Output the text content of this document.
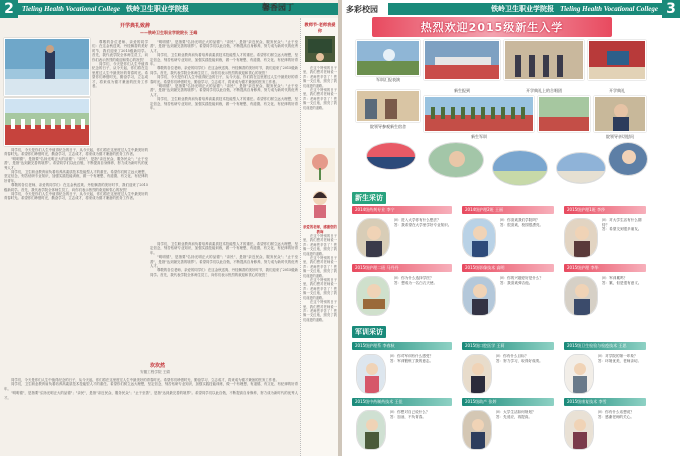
2	Tieling Health Vocational College 铁岭卫生职业学院报	馨香园丁
开学典礼致辞
——铁岭卫生职业学院院长 王峰

尊敬的各位老师、亲爱的同学们：在这金秋送爽、丹桂飘香的美好时节，我们迎来了2015级新同学。首先，我代表学院全体师生员工，向你们表示热烈的欢迎和衷心的祝贺！

同学们，今天是你们人生中值得纪念的日子，从今天起，你们将在这里度过人生中最美好的青春时光。希望你们珍惜时光，勤奋学习，立志成才，将来成为德才兼备的医务工作者。

"明明德"，是指要"弘扬光明正大的品德"；"亲民"，是指"亲近民众、服务民众"；"止于至善"，是指"达到最完善的境界"。希望同学们以此自勉，不断提高自身修养，努力成为新时代的优秀人才。

同学们，卫生职业教育肩负着培养高素质技术技能型人才的重任。希望你们树立远大理想，坚定信念，刻苦钻研专业知识，加强实践技能训练，做一个有理想、有道德、有文化、有纪律的好青年。

尊敬的各位老师、亲爱的同学们：在这金秋送爽、丹桂飘香的美好时节，我们迎来了2015级新同学。首先，我代表学院全体师生员工，向你们表示热烈的欢迎和衷心的祝贺！

同学们，今天是你们人生中值得纪念的日子，从今天起，你们将在这里度过人生中最美好的青春时光。希望你们珍惜时光，勤奋学习，立志成才，将来成为德才兼备的医务工作者。

"明明德"，是指要"弘扬光明正大的品德"；"亲民"，是指"亲近民众、服务民众"；"止于至善"，是指"达到最完善的境界"。希望同学们以此自勉，不断提高自身修养，努力成为新时代的优秀人才。

同学们，卫生职业教育肩负着培养高素质技术技能型人才的重任。希望你们树立远大理想，坚定信念，刻苦钻研专业知识，加强实践技能训练，做一个有理想、有道德、有文化、有纪律的好青年。

同学们，今天是你们人生中值得纪念的日子，从今天起，你们将在这里度过人生中最美好的青春时光。希望你们珍惜时光，勤奋学习，立志成才，将来成为德才兼备的医务工作者。

"明明德"，是指要"弘扬光明正大的品德"；"亲民"，是指"亲近民众、服务民众"；"止于至善"，是指"达到最完善的境界"。希望同学们以此自勉，不断提高自身修养，努力成为新时代的优秀人才。

同学们，卫生职业教育肩负着培养高素质技术技能型人才的重任。希望你们树立远大理想，坚定信念，刻苦钻研专业知识，加强实践技能训练，做一个有理想、有道德、有文化、有纪律的好青年。

尊敬的各位老师、亲爱的同学们：在这金秋送爽、丹桂飘香的美好时节，我们迎来了2015级新同学。首先，我代表学院全体师生员工，向你们表示热烈的欢迎和衷心的祝贺！

同学们，今天是你们人生中值得纪念的日子，从今天起，你们将在这里度过人生中最美好的青春时光。希望你们珍惜时光，勤奋学习，立志成才，将来成为德才兼备的医务工作者。

同学们，卫生职业教育肩负着培养高素质技术技能型人才的重任。希望你们树立远大理想，坚定信念，刻苦钻研专业知识，加强实践技能训练，做一个有理想、有道德、有文化、有纪律的好青年。

"明明德"，是指要"弘扬光明正大的品德"；"亲民"，是指"亲近民众、服务民众"；"止于至善"，是指"达到最完善的境界"。希望同学们以此自勉，不断提高自身修养，努力成为新时代的优秀人才。

尊敬的各位老师、亲爱的同学们：在这金秋送爽、丹桂飘香的美好时节，我们迎来了2015级新同学。首先，我代表学院全体师生员工，向你们表示热烈的欢迎和衷心的祝贺！

坎坎然
安徽工程学院 王娟

同学们，今天是你们人生中值得纪念的日子，从今天起，你们将在这里度过人生中最美好的青春时光。希望你们珍惜时光，勤奋学习，立志成才，将来成为德才兼备的医务工作者。

同学们，卫生职业教育肩负着培养高素质技术技能型人才的重任。希望你们树立远大理想，坚定信念，刻苦钻研专业知识，加强实践技能训练，做一个有理想、有道德、有文化、有纪律的好青年。

"明明德"，是指要"弘扬光明正大的品德"；"亲民"，是指"亲近民众、服务民众"；"止于至善"，是指"达到最完善的境界"。希望同学们以此自勉，不断提高自身修养，努力成为新时代的优秀人才。

教师节·老师我爱你

在这个特别的日子里，我们想对老师说一声：老师您辛苦了！您像一支红烛，照亮了我们前进的道路。

在这个特别的日子里，我们想对老师说一声：老师您辛苦了！您像一支红烛，照亮了我们前进的道路。

亲爱的老师，感谢您的教诲

在这个特别的日子里，我们想对老师说一声：老师您辛苦了！您像一支红烛，照亮了我们前进的道路。

在这个特别的日子里，我们想对老师说一声：老师您辛苦了！您像一支红烛，照亮了我们前进的道路。

在这个特别的日子里，我们想对老师说一声：老师您辛苦了！您像一支红烛，照亮了我们前进的道路。

在这个特别的日子里，我们想对老师说一声：老师您辛苦了！您像一支红烛，照亮了我们前进的道路。

多彩校园	铁岭卫生职业学院报 Tieling Health Vocational College 3
热烈欢迎2015级新生入学
军训汇报表演
新生报到	开学典礼上的合唱团	开学典礼
院领导参观新生宿舍
新生军训	院领导亲切慰问
新生采访
2014级药剂专业 李宁	2014级护理2班 王丽	2015级护理1班 李莎
问：进入大学你有什么想法？
答：我希望在大学里学好专业知识。
问：你喜欢我们学院吗？
答：很喜欢，校园很漂亮。
问：对大学生活有什么期待？
答：希望交到很多朋友。
2015级护理二班 马丹丹	2015级影像技术 高明	2015级护理 李华
问：你为什么选择学医？
答：想成为一名白衣天使。
问：你的兴趣爱好是什么？
答：我喜欢弹吉他。
问：军训累吗？
答：累，但是很有意义。
军训采访
2015级护理系 李春秋	2015级口腔医学 王莉	2015级卫生检验与检疫技术 王思
问：你对军训有什么感受？
答：军训锻炼了我的意志。
问：你有什么目标？
答：努力学习，取得好成绩。
问：对学院的第一印象？
答：环境优美，老师亲切。
2015级中药制药技术 王佳	2015级助产 张婷	2015级康复技术 李雪
问：你想对自己说什么？
答：加油，不负青春。
问：大学生活如何规划？
答：先适应，再提高。
问：你有什么话想说？
答：感谢老师的关心。
